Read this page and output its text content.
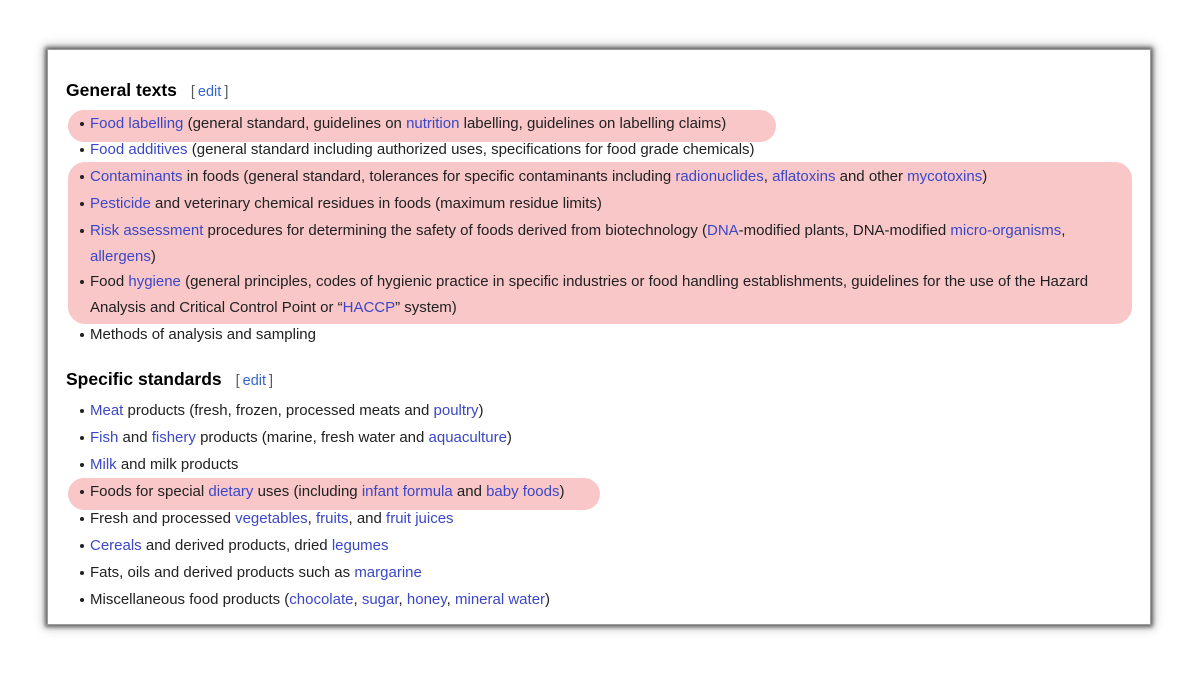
General texts [ edit ]
Food labelling (general standard, guidelines on nutrition labelling, guidelines on labelling claims)
Food additives (general standard including authorized uses, specifications for food grade chemicals)
Contaminants in foods (general standard, tolerances for specific contaminants including radionuclides, aflatoxins and other mycotoxins)
Pesticide and veterinary chemical residues in foods (maximum residue limits)
Risk assessment procedures for determining the safety of foods derived from biotechnology (DNA-modified plants, DNA-modified micro-organisms, allergens)
Food hygiene (general principles, codes of hygienic practice in specific industries or food handling establishments, guidelines for the use of the Hazard Analysis and Critical Control Point or “HACCP” system)
Methods of analysis and sampling
Specific standards [ edit ]
Meat products (fresh, frozen, processed meats and poultry)
Fish and fishery products (marine, fresh water and aquaculture)
Milk and milk products
Foods for special dietary uses (including infant formula and baby foods)
Fresh and processed vegetables, fruits, and fruit juices
Cereals and derived products, dried legumes
Fats, oils and derived products such as margarine
Miscellaneous food products (chocolate, sugar, honey, mineral water)
